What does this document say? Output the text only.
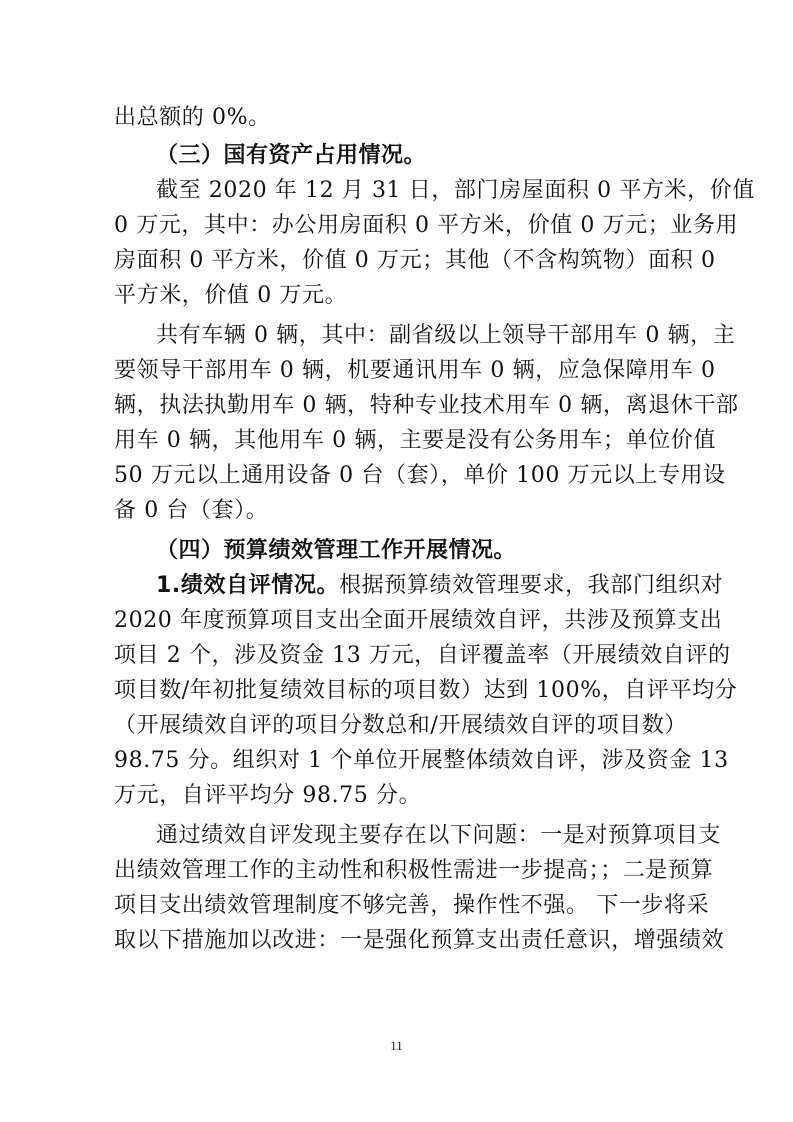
出总额的 0%。
（三）国有资产占用情况。
截至 2020 年 12 月 31 日，部门房屋面积 0 平方米，价值
0 万元，其中：办公用房面积 0 平方米，价值 0 万元；业务用
房面积 0 平方米，价值 0 万元；其他（不含构筑物）面积 0
平方米，价值 0 万元。
共有车辆 0 辆，其中：副省级以上领导干部用车 0 辆，主
要领导干部用车 0 辆，机要通讯用车 0 辆，应急保障用车 0
辆，执法执勤用车 0 辆，特种专业技术用车 0 辆，离退休干部
用车 0 辆，其他用车 0 辆，主要是没有公务用车；单位价值
50 万元以上通用设备 0 台（套），单价 100 万元以上专用设
备 0 台（套）。
（四）预算绩效管理工作开展情况。
1.绩效自评情况。根据预算绩效管理要求，我部门组织对
2020 年度预算项目支出全面开展绩效自评，共涉及预算支出
项目 2 个，涉及资金 13 万元，自评覆盖率（开展绩效自评的
项目数/年初批复绩效目标的项目数）达到 100%，自评平均分
（开展绩效自评的项目分数总和/开展绩效自评的项目数）
98.75 分。组织对 1 个单位开展整体绩效自评，涉及资金 13
万元，自评平均分 98.75 分。
通过绩效自评发现主要存在以下问题：一是对预算项目支
出绩效管理工作的主动性和积极性需进一步提高；；二是预算
项目支出绩效管理制度不够完善，操作性不强。 下一步将采
取以下措施加以改进：一是强化预算支出责任意识，增强绩效
11
